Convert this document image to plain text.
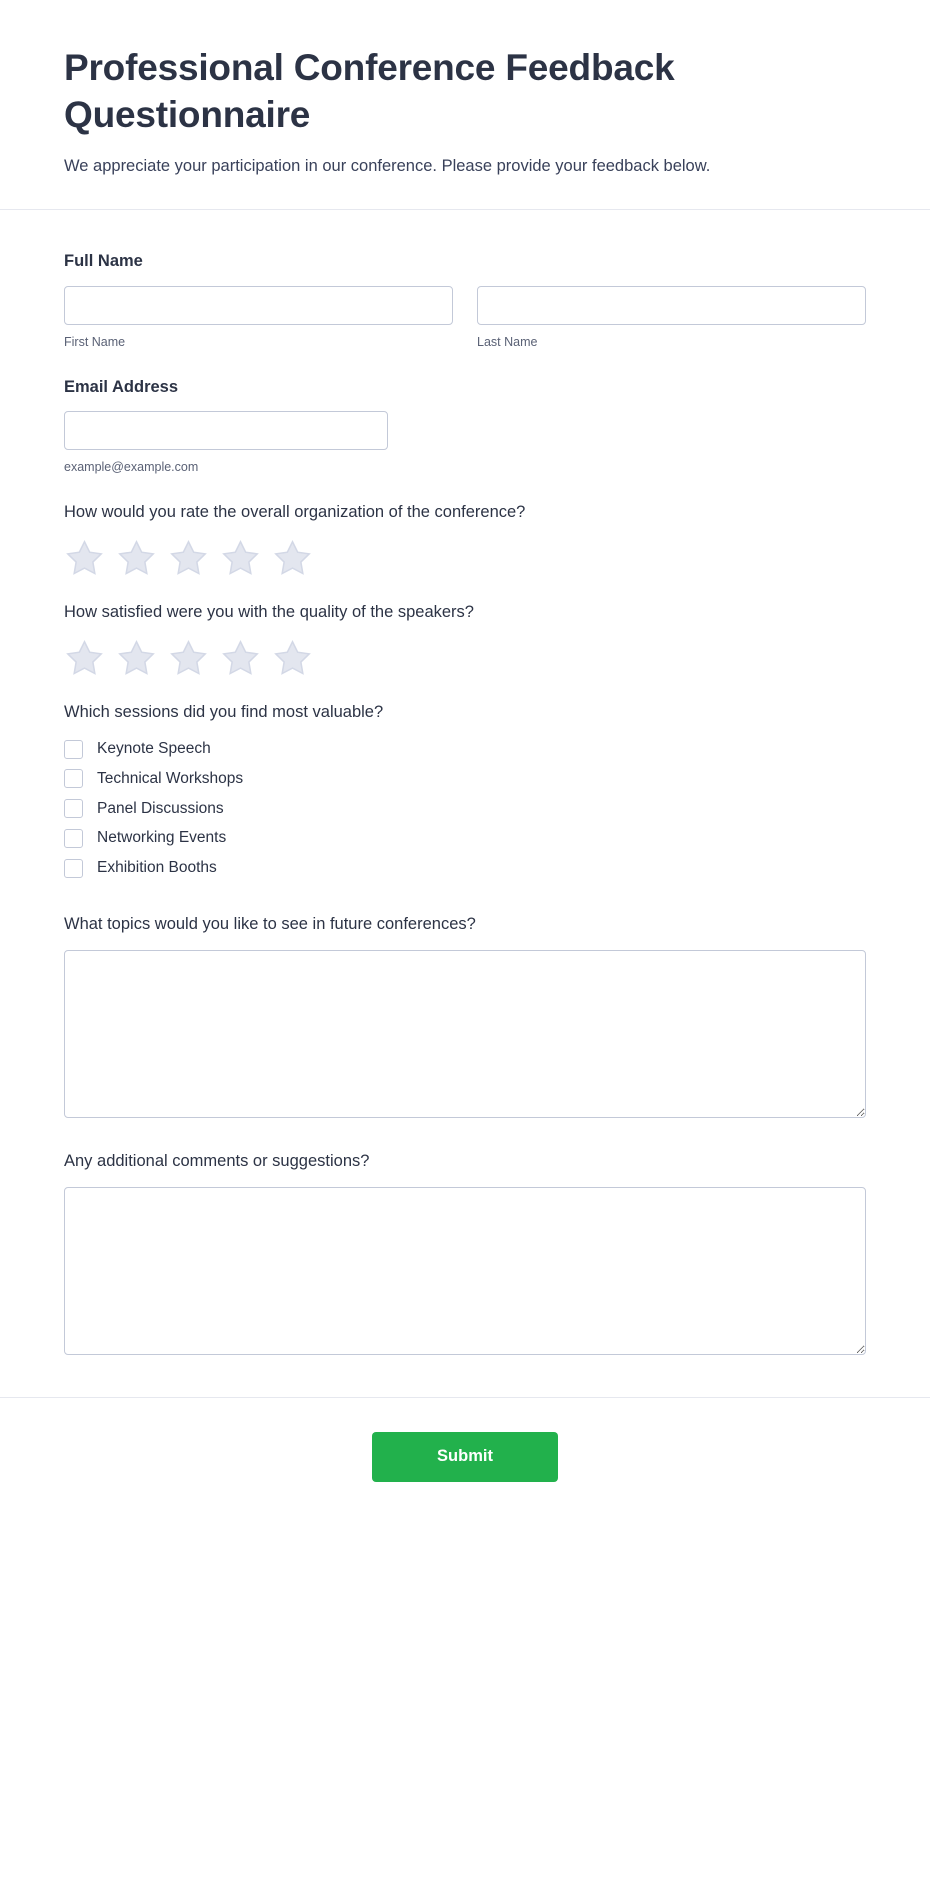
Professional Conference Feedback Questionnaire

We appreciate your participation in our conference. Please provide your feedback below.

Full Name
First Name	Last Name
Email Address
example@example.com
How would you rate the overall organization of the conference?
How satisfied were you with the quality of the speakers?
Which sessions did you find most valuable?
Keynote Speech
Technical Workshops
Panel Discussions
Networking Events
Exhibition Booths
What topics would you like to see in future conferences?
Any additional comments or suggestions?
Submit
